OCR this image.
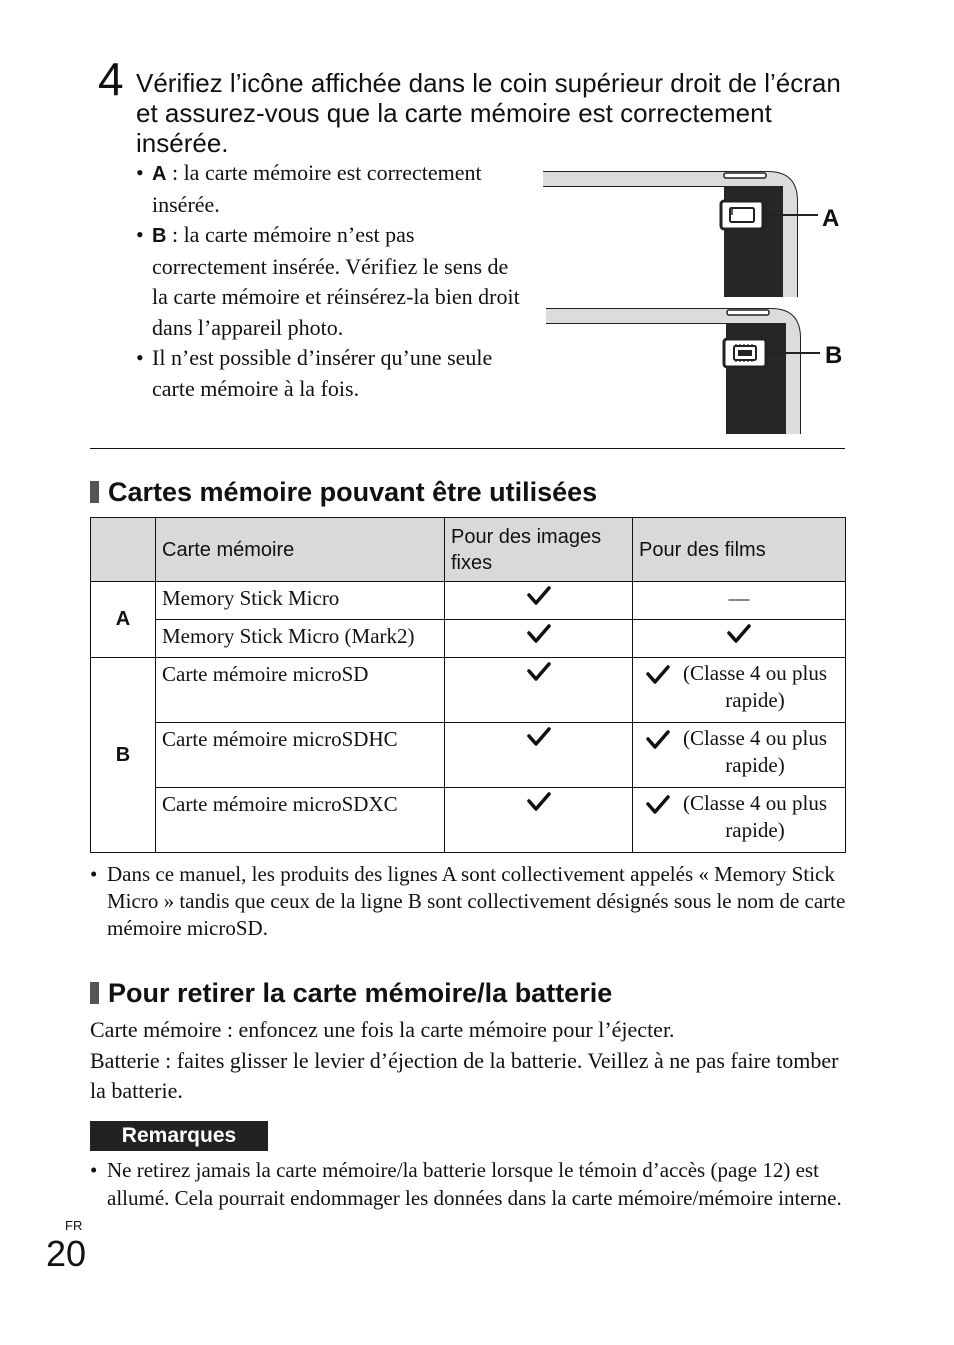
4 Vérifiez l’icône affichée dans le coin supérieur droit de l’écran et assurez-vous que la carte mémoire est correctement insérée.
• A : la carte mémoire est correctement insérée.
• B : la carte mémoire n’est pas correctement insérée. Vérifiez le sens de la carte mémoire et réinsérez-la bien droit dans l’appareil photo.
• Il n’est possible d’insérer qu’une seule carte mémoire à la fois.
A
B
Cartes mémoire pouvant être utilisées
	Carte mémoire	Pour des images fixes	Pour des films
A	Memory Stick Micro		—
	Memory Stick Micro (Mark2)		
B	Carte mémoire microSD		(Classe 4 ou plus rapide)

	Carte mémoire microSDHC		(Classe 4 ou plus rapide)

	Carte mémoire microSDXC		(Classe 4 ou plus rapide)
• Dans ce manuel, les produits des lignes A sont collectivement appelés « Memory Stick Micro » tandis que ceux de la ligne B sont collectivement désignés sous le nom de carte mémoire microSD.
Pour retirer la carte mémoire/la batterie

Carte mémoire : enfoncez une fois la carte mémoire pour l’éjecter.

Batterie : faites glisser le levier d’éjection de la batterie. Veillez à ne pas faire tomber la batterie.

Remarques
• Ne retirez jamais la carte mémoire/la batterie lorsque le témoin d’accès (page 12) est allumé. Cela pourrait endommager les données dans la carte mémoire/mémoire interne.
FR
20
